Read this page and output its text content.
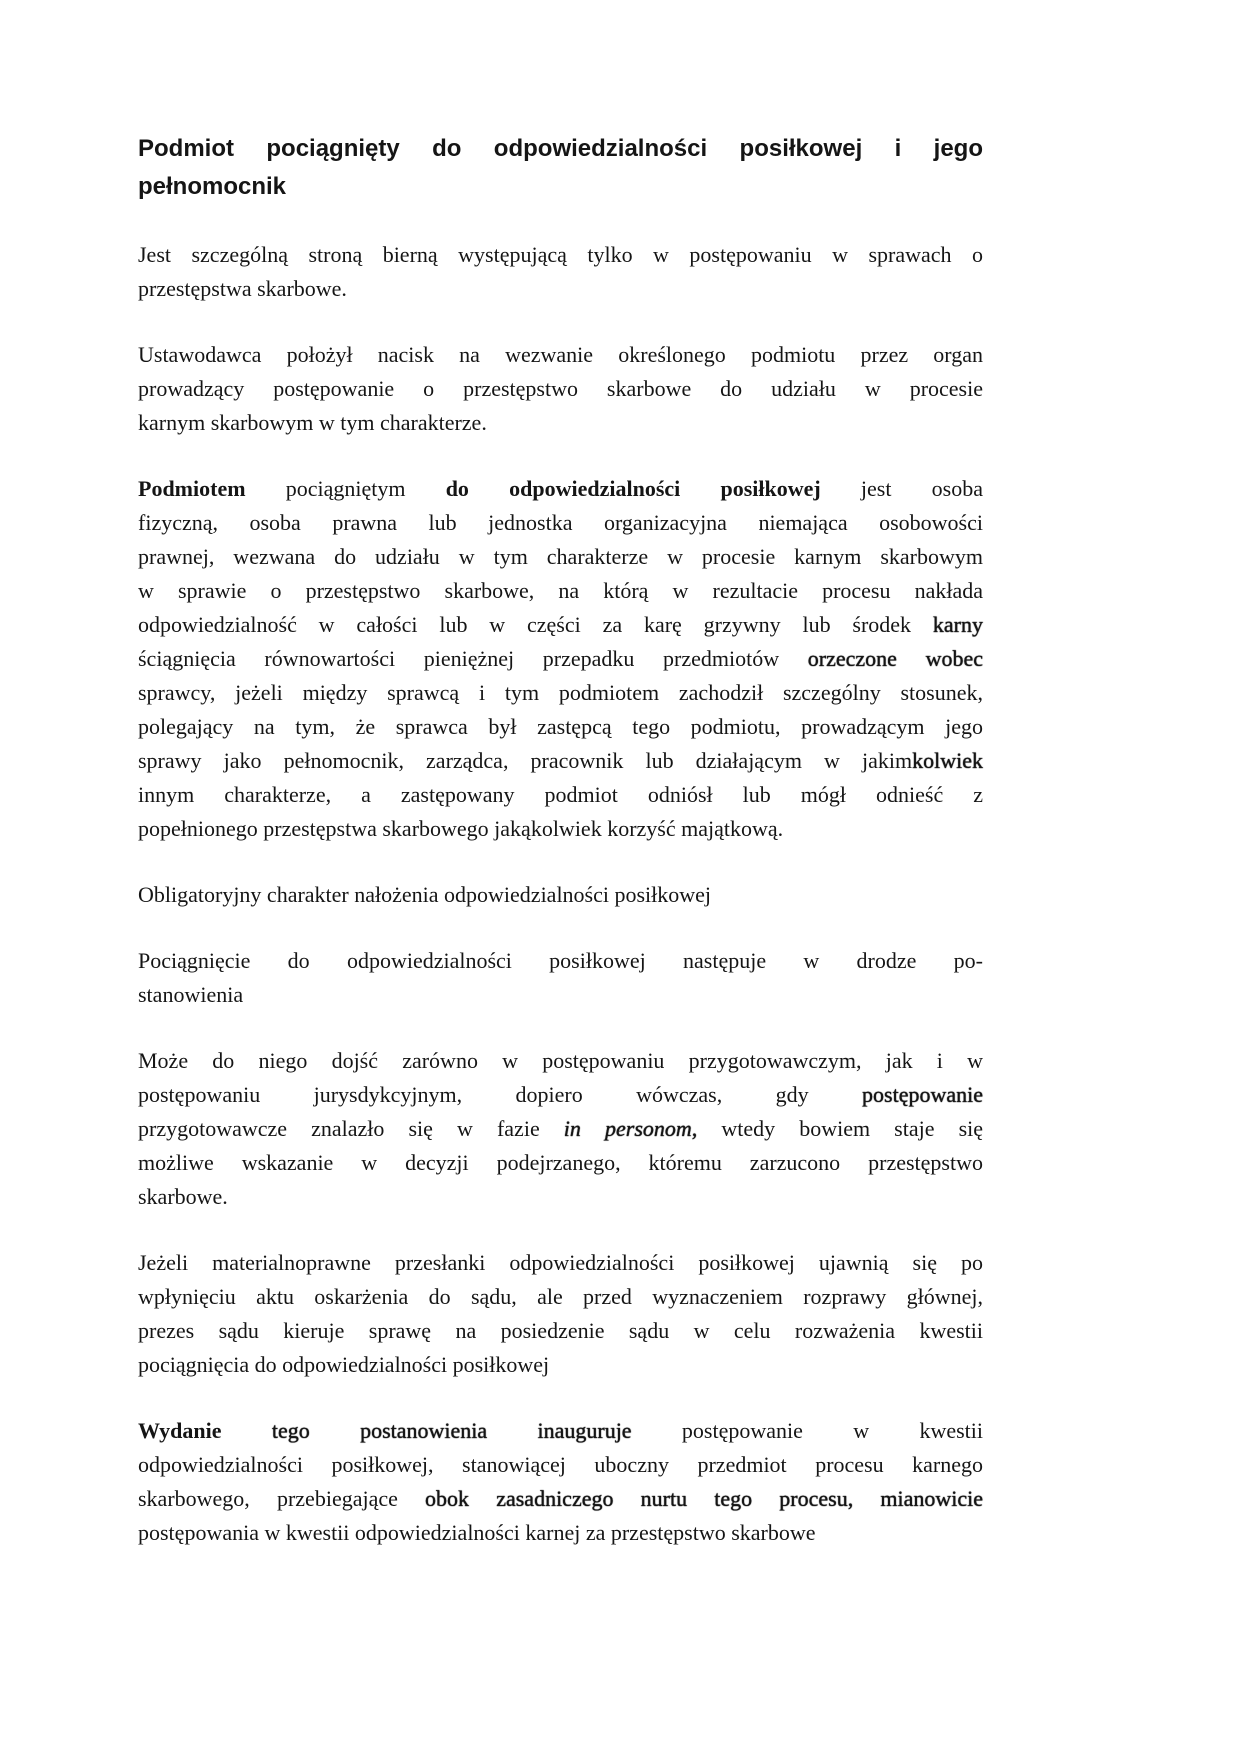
Podmiot pociągnięty do odpowiedzialności posiłkowej i jego
pełnomocnik
Jest szczególną stroną bierną występującą tylko w postępowaniu w sprawach o
przestępstwa skarbowe.
Ustawodawca położył nacisk na wezwanie określonego podmiotu przez organ
prowadzący postępowanie o przestępstwo skarbowe do udziału w procesie
karnym skarbowym w tym charakterze.
Podmiotem pociągniętym do odpowiedzialności posiłkowej jest osoba
fizyczną, osoba prawna lub jednostka organizacyjna niemająca osobowości
prawnej, wezwana do udziału w tym charakterze w procesie karnym skarbowym
w sprawie o przestępstwo skarbowe, na którą w rezultacie procesu nakłada
odpowiedzialność w całości lub w części za karę grzywny lub środek karny
ściągnięcia równowartości pieniężnej przepadku przedmiotów orzeczone wobec
sprawcy, jeżeli między sprawcą i tym podmiotem zachodził szczególny stosunek,
polegający na tym, że sprawca był zastępcą tego podmiotu, prowadzącym jego
sprawy jako pełnomocnik, zarządca, pracownik lub działającym w jakimkolwiek
innym charakterze, a zastępowany podmiot odniósł lub mógł odnieść z
popełnionego przestępstwa skarbowego jakąkolwiek korzyść majątkową.
Obligatoryjny charakter nałożenia odpowiedzialności posiłkowej
Pociągnięcie do odpowiedzialności posiłkowej następuje w drodze po-
stanowienia
Może do niego dojść zarówno w postępowaniu przygotowawczym, jak i w
postępowaniu jurysdykcyjnym, dopiero wówczas, gdy postępowanie
przygotowawcze znalazło się w fazie in personom, wtedy bowiem staje się
możliwe wskazanie w decyzji podejrzanego, któremu zarzucono przestępstwo
skarbowe.
Jeżeli materialnoprawne przesłanki odpowiedzialności posiłkowej ujawnią się po
wpłynięciu aktu oskarżenia do sądu, ale przed wyznaczeniem rozprawy głównej,
prezes sądu kieruje sprawę na posiedzenie sądu w celu rozważenia kwestii
pociągnięcia do odpowiedzialności posiłkowej
Wydanie tego postanowienia inauguruje postępowanie w kwestii
odpowiedzialności posiłkowej, stanowiącej uboczny przedmiot procesu karnego
skarbowego, przebiegające obok zasadniczego nurtu tego procesu, mianowicie
postępowania w kwestii odpowiedzialności karnej za przestępstwo skarbowe
